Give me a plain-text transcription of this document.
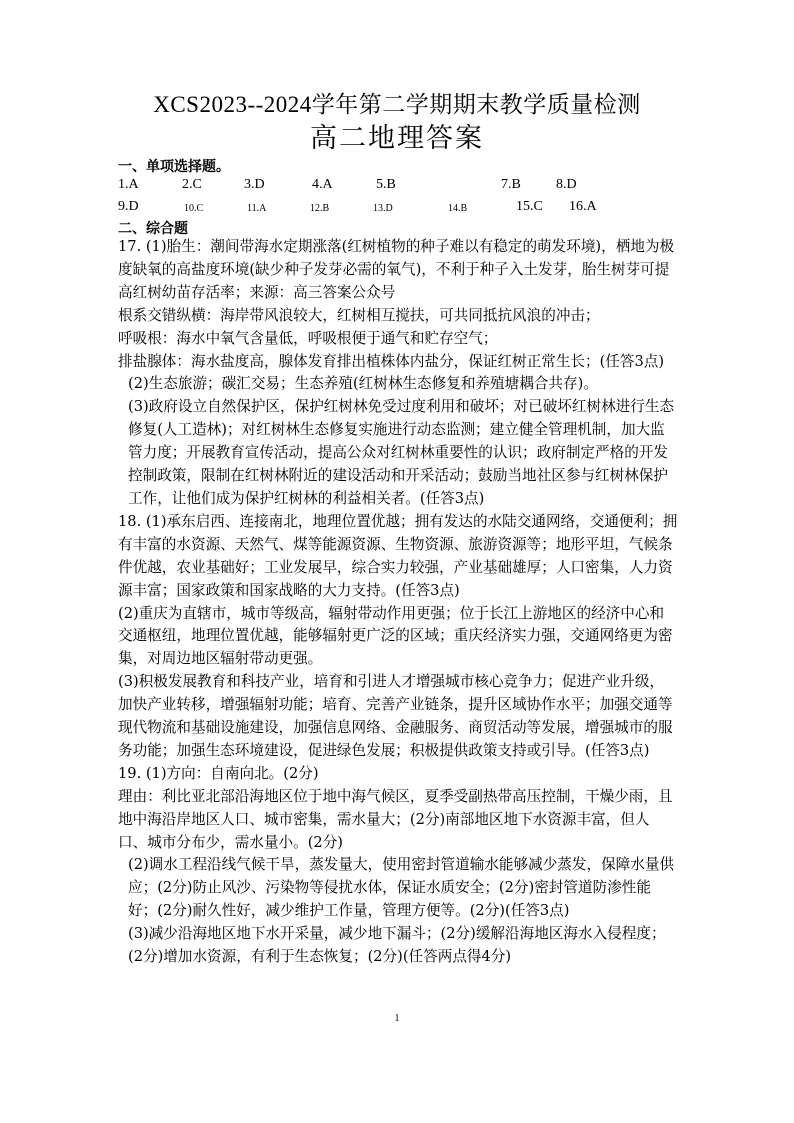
XCS2023--2024学年第二学期期末教学质量检测
高二地理答案
一、单项选择题。
1.A	2.C	3.D	4.A	5.B	7.B	8.D
9.D	10.C	11.A	12.B	13.D	14.B	15.C 16.A
二、综合题

17. (1)胎生：潮间带海水定期涨落(红树植物的种子难以有稳定的萌发环境)，栖地为极度缺氧的高盐度环境(缺少种子发芽必需的氧气)，不利于种子入土发芽，胎生树芽可提高红树幼苗存活率；来源：高三答案公众号

根系交错纵横：海岸带风浪较大，红树相互搅扶，可共同抵抗风浪的冲击；

呼吸根：海水中氧气含量低，呼吸根便于通气和贮存空气；

排盐腺体：海水盐度高，腺体发育排出植株体内盐分，保证红树正常生长；(任答3点)

(2)生态旅游；碳汇交易；生态养殖(红树林生态修复和养殖塘耦合共存)。

(3)政府设立自然保护区，保护红树林免受过度利用和破坏；对已破坏红树林进行生态修复(人工造林)；对红树林生态修复实施进行动态监测；建立健全管理机制，加大监管力度；开展教育宣传活动，提高公众对红树林重要性的认识；政府制定严格的开发控制政策，限制在红树林附近的建设活动和开采活动；鼓励当地社区参与红树林保护工作，让他们成为保护红树林的利益相关者。(任答3点)

18. (1)承东启西、连接南北，地理位置优越；拥有发达的水陆交通网络，交通便利；拥有丰富的水资源、天然气、煤等能源资源、生物资源、旅游资源等；地形平坦，气候条件优越，农业基础好；工业发展早，综合实力较强，产业基础雄厚；人口密集，人力资源丰富；国家政策和国家战略的大力支持。(任答3点)

(2)重庆为直辖市，城市等级高，辐射带动作用更强；位于长江上游地区的经济中心和交通枢纽，地理位置优越，能够辐射更广泛的区域；重庆经济实力强，交通网络更为密集，对周边地区辐射带动更强。

(3)积极发展教育和科技产业，培育和引进人才增强城市核心竞争力；促进产业升级，加快产业转移，增强辐射功能；培育、完善产业链条，提升区域协作水平；加强交通等现代物流和基础设施建设，加强信息网络、金融服务、商贸活动等发展，增强城市的服务功能；加强生态环境建设，促进绿色发展；积极提供政策支持或引导。(任答3点)

19. (1)方向：自南向北。(2分)

理由：利比亚北部沿海地区位于地中海气候区，夏季受副热带高压控制，干燥少雨，且地中海沿岸地区人口、城市密集，需水量大；(2分)南部地区地下水资源丰富，但人口、城市分布少，需水量小。(2分)

(2)调水工程沿线气候干旱，蒸发量大，使用密封管道输水能够减少蒸发，保障水量供应；(2分)防止风沙、污染物等侵扰水体，保证水质安全；(2分)密封管道防渗性能好；(2分)耐久性好，减少维护工作量，管理方便等。(2分)(任答3点)

(3)减少沿海地区地下水开采量，减少地下漏斗；(2分)缓解沿海地区海水入侵程度；(2分)增加水资源，有利于生态恢复；(2分)(任答两点得4分)

1
